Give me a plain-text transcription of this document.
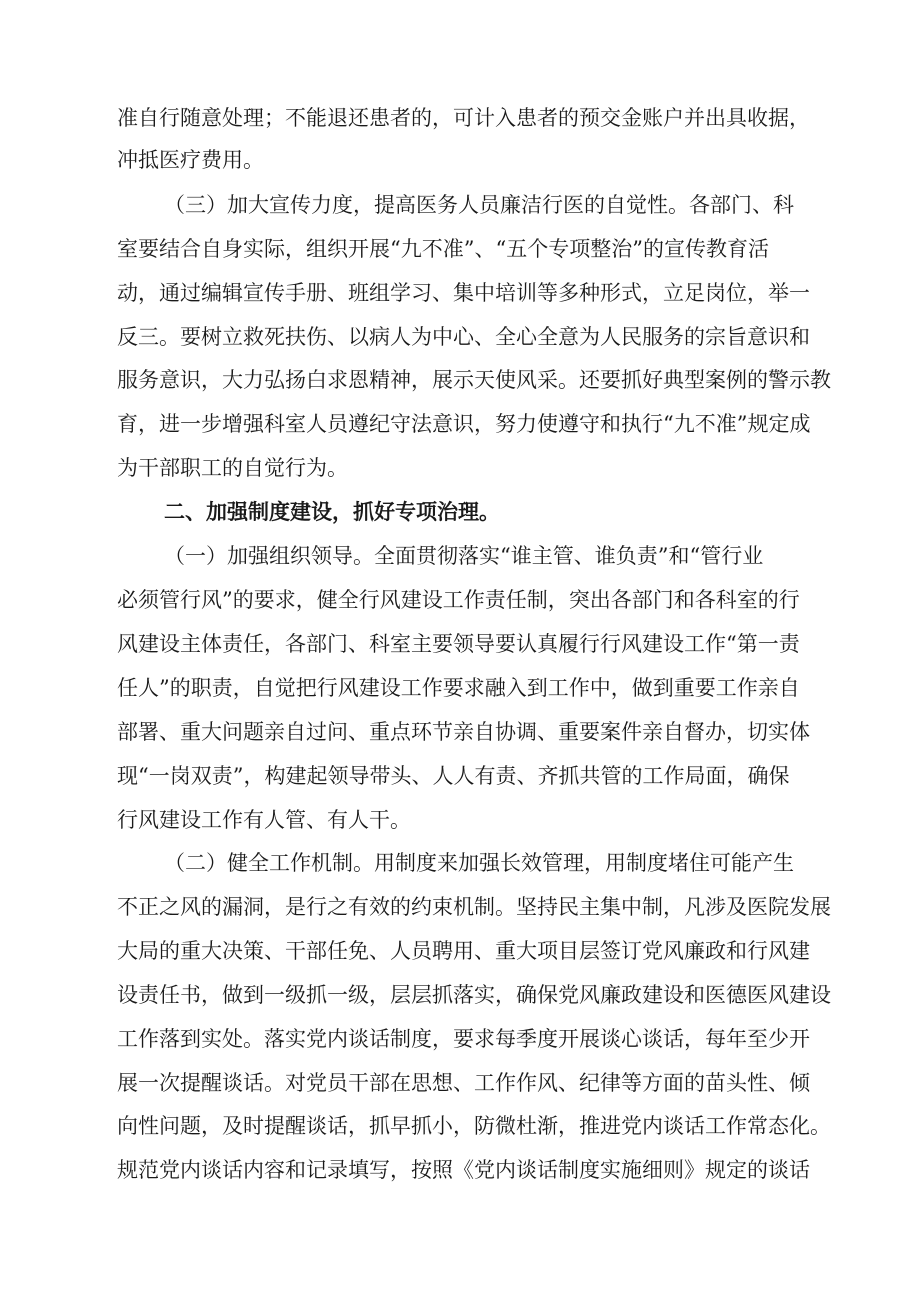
准自行随意处理；不能退还患者的，可计入患者的预交金账户并出具收据，
冲抵医疗费用。
（三）加大宣传力度，提高医务人员廉洁行医的自觉性。各部门、科
室要结合自身实际，组织开展“九不准”、“五个专项整治”的宣传教育活
动，通过编辑宣传手册、班组学习、集中培训等多种形式，立足岗位，举一
反三。要树立救死扶伤、以病人为中心、全心全意为人民服务的宗旨意识和
服务意识，大力弘扬白求恩精神，展示天使风采。还要抓好典型案例的警示教
育，进一步增强科室人员遵纪守法意识，努力使遵守和执行“九不准”规定成
为干部职工的自觉行为。
二、加强制度建设，抓好专项治理。
（一）加强组织领导。全面贯彻落实“谁主管、谁负责”和“管行业
必须管行风”的要求，健全行风建设工作责任制，突出各部门和各科室的行
风建设主体责任，各部门、科室主要领导要认真履行行风建设工作“第一责
任人”的职责，自觉把行风建设工作要求融入到工作中，做到重要工作亲自
部署、重大问题亲自过问、重点环节亲自协调、重要案件亲自督办，切实体
现“一岗双责”，构建起领导带头、人人有责、齐抓共管的工作局面，确保
行风建设工作有人管、有人干。
（二）健全工作机制。用制度来加强长效管理，用制度堵住可能产生
不正之风的漏洞，是行之有效的约束机制。坚持民主集中制，凡涉及医院发展
大局的重大决策、干部任免、人员聘用、重大项目层签订党风廉政和行风建
设责任书，做到一级抓一级，层层抓落实，确保党风廉政建设和医德医风建设
工作落到实处。落实党内谈话制度，要求每季度开展谈心谈话，每年至少开
展一次提醒谈话。对党员干部在思想、工作作风、纪律等方面的苗头性、倾
向性问题，及时提醒谈话，抓早抓小，防微杜渐，推进党内谈话工作常态化。
规范党内谈话内容和记录填写，按照《党内谈话制度实施细则》规定的谈话
